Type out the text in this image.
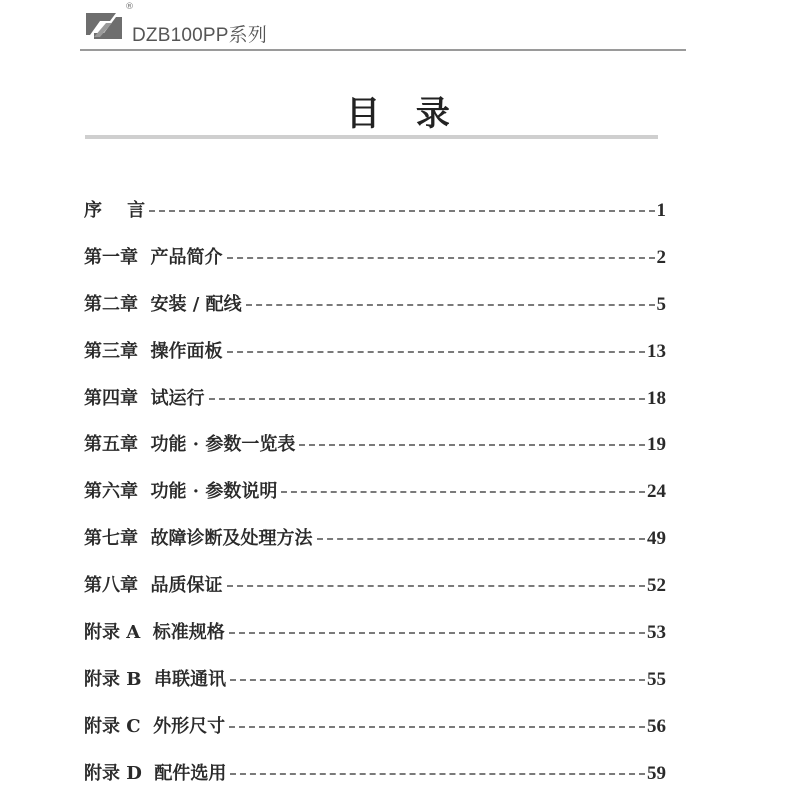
®
DZB100PP系列
目  录
序    言	1
第一章  产品简介	2
第二章  安装 / 配线	5
第三章  操作面板	13
第四章  试运行	18
第五章  功能 · 参数一览表	19
第六章  功能 · 参数说明	24
第七章  故障诊断及处理方法	49
第八章  品质保证	52
附录 A  标准规格	53
附录 B  串联通讯	55
附录 C  外形尺寸	56
附录 D  配件选用	59
